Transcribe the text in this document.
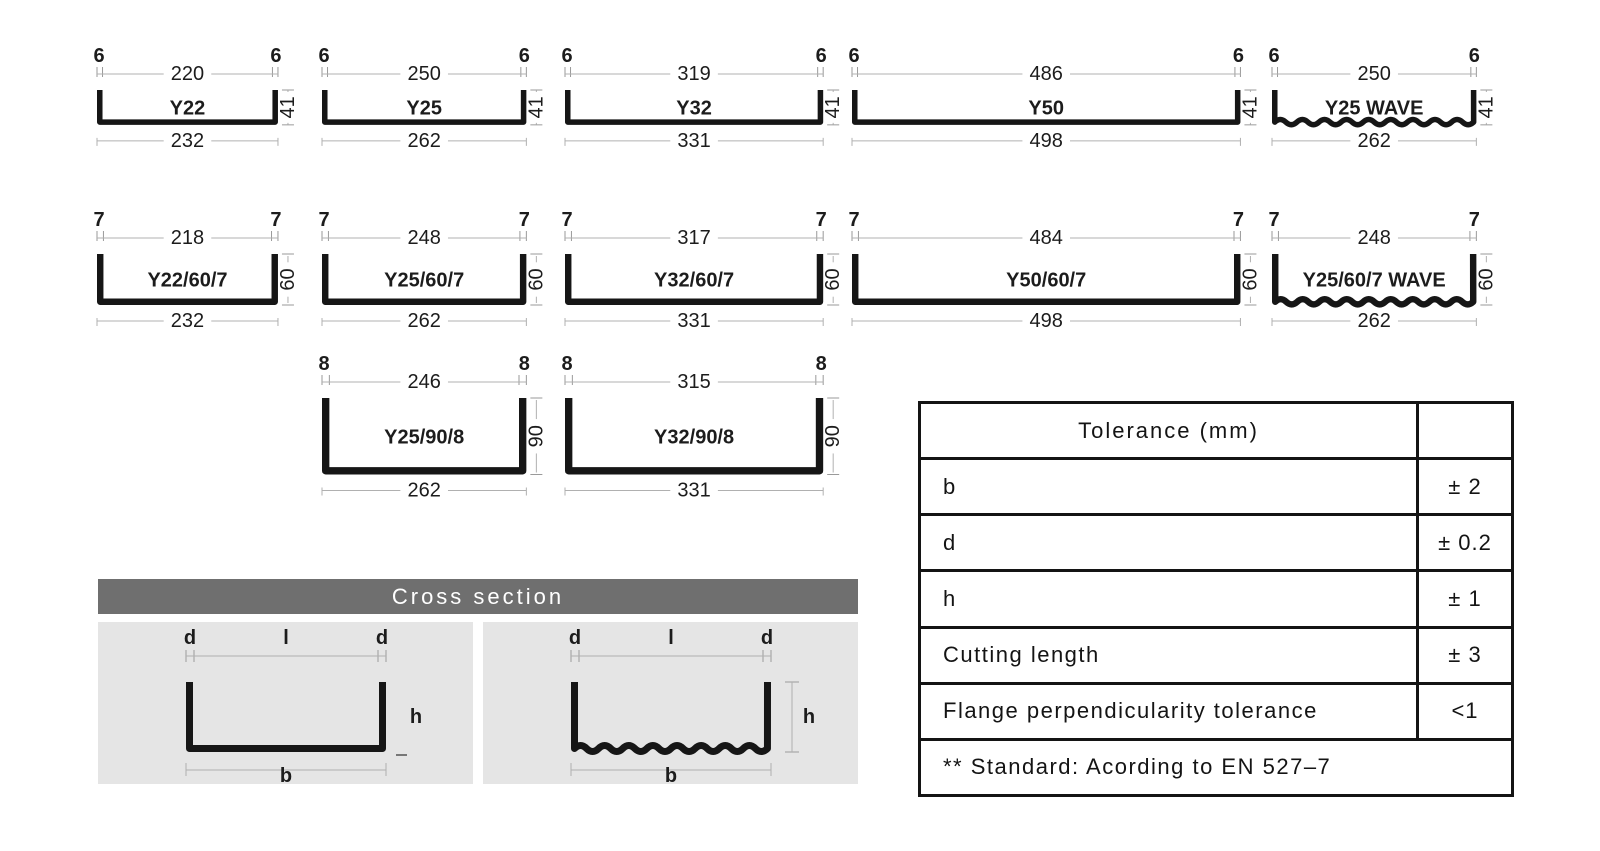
6	6
220
Y22	41
232
6	6
250
Y25	41
262
6	6
319
Y32	41
331
6	6
486
Y50	41
498
6	6
250
Y25 WAVE	41
262
7	7
218
Y22/60/7 60
232
7	7
248
Y25/60/7	60
262
7	7
317
Y32/60/7	60
331
7	7
484
Y50/60/7	60
498
7	7
248
Y25/60/7 WAVE 60
262
8	8
246
Y25/90/8	90
262
8	8
315
Y32/90/8	90
331
Cross section
d	d
l
h
b
d	d
l
h
b
Tolerance (mm)
b	± 2
d	± 0.2
h	± 1
Cutting length	± 3
Flange perpendicularity tolerance	<1
** Standard: Acording to EN 527–7
